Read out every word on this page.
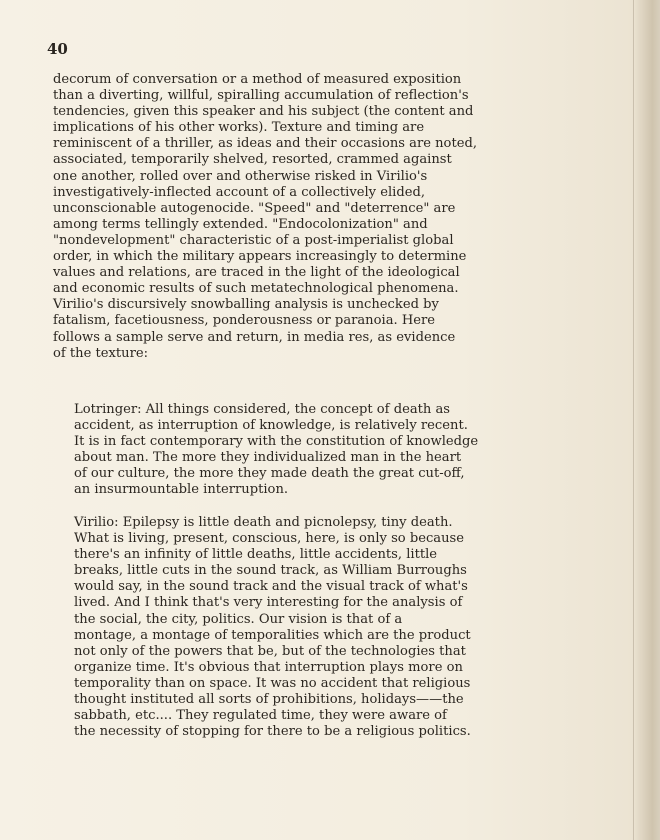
40
decorum of conversation or a method of measured exposition
than a diverting, willful, spiralling accumulation of reflection's
tendencies, given this speaker and his subject (the content and
implications of his other works). Texture and timing are
reminiscent of a thriller, as ideas and their occasions are noted,
associated, temporarily shelved, resorted, crammed against
one another, rolled over and otherwise risked in Virilio's
investigatively-inflected account of a collectively elided,
unconscionable autogenocide. "Speed" and "deterrence" are
among terms tellingly extended. "Endocolonization" and
"nondevelopment" characteristic of a post-imperialist global
order, in which the military appears increasingly to determine
values and relations, are traced in the light of the ideological
and economic results of such metatechnological phenomena.
Virilio's discursively snowballing analysis is unchecked by
fatalism, facetiousness, ponderousness or paranoia. Here
follows a sample serve and return, in media res, as evidence
of the texture:
Lotringer: All things considered, the concept of death as
accident, as interruption of knowledge, is relatively recent.
It is in fact contemporary with the constitution of knowledge
about man. The more they individualized man in the heart
of our culture, the more they made death the great cut-off,
an insurmountable interruption.
Virilio: Epilepsy is little death and picnolepsy, tiny death.
What is living, present, conscious, here, is only so because
there's an infinity of little deaths, little accidents, little
breaks, little cuts in the sound track, as William Burroughs
would say, in the sound track and the visual track of what's
lived. And I think that's very interesting for the analysis of
the social, the city, politics. Our vision is that of a
montage, a montage of temporalities which are the product
not only of the powers that be, but of the technologies that
organize time. It's obvious that interruption plays more on
temporality than on space. It was no accident that religious
thought instituted all sorts of prohibitions, holidays——the
sabbath, etc.... They regulated time, they were aware of
the necessity of stopping for there to be a religious politics.
